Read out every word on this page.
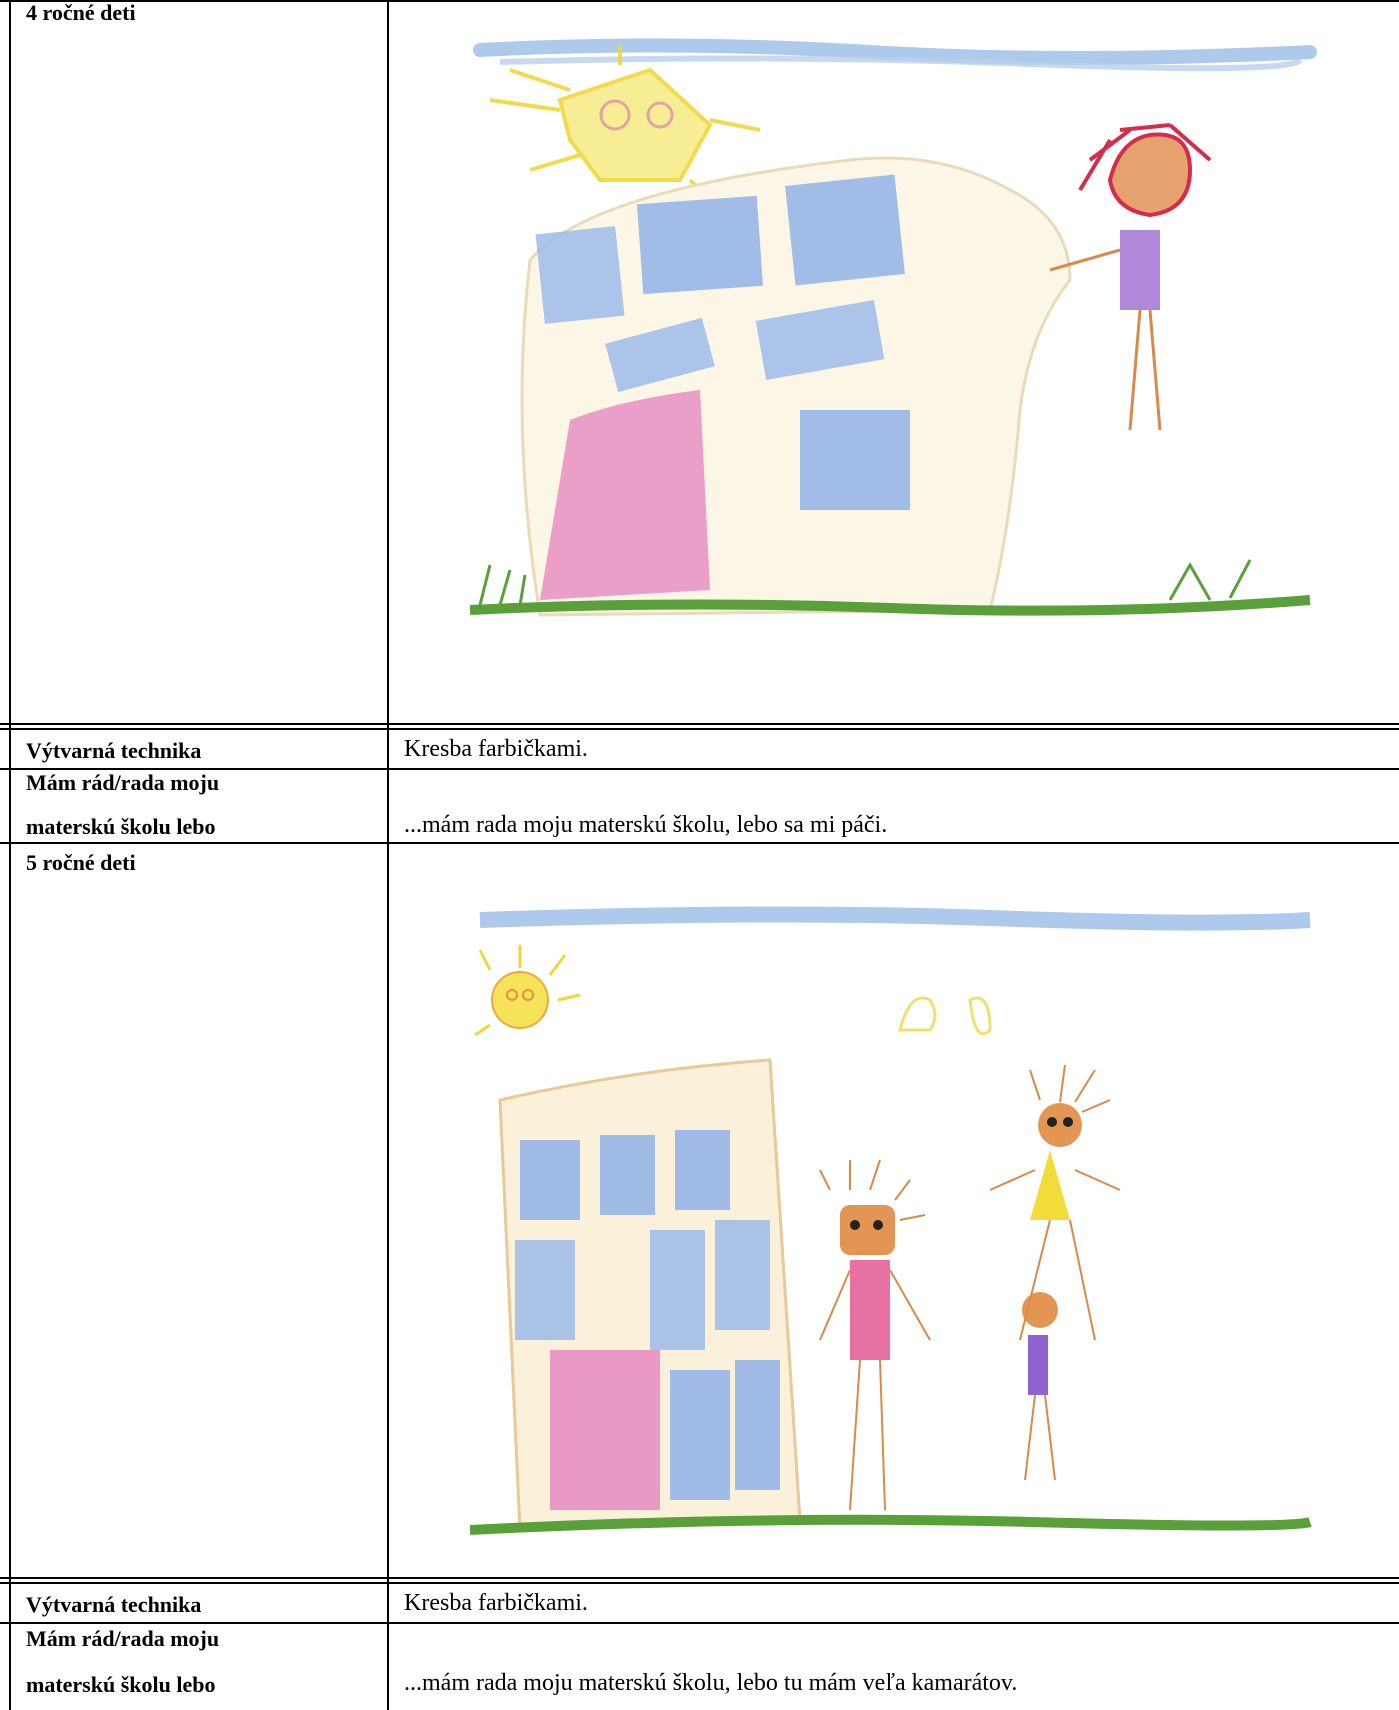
4 ročné deti
Výtvarná technika	Kresba farbičkami.
Mám rád/rada moju
materskú školu lebo	...mám rada moju materskú školu, lebo sa mi páči.
5 ročné deti
Výtvarná technika	Kresba farbičkami.
Mám rád/rada moju
materskú školu lebo	...mám rada moju materskú školu, lebo tu mám veľa kamarátov.
